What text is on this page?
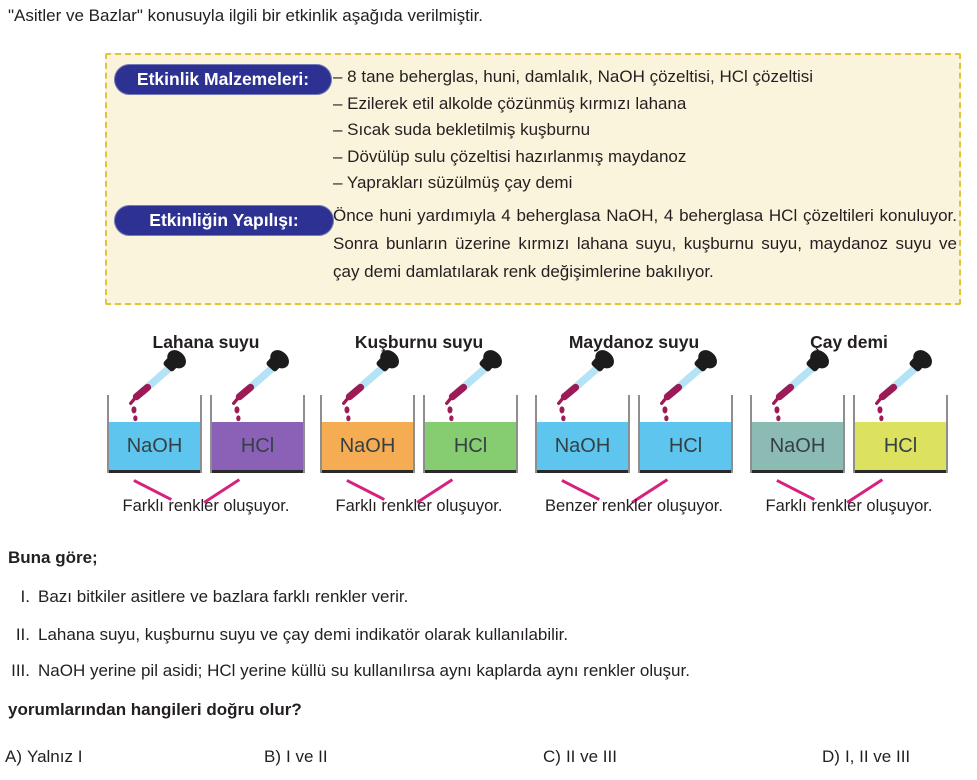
"Asitler ve Bazlar" konusuyla ilgili bir etkinlik aşağıda verilmiştir.

Etkinlik Malzemeleri:	– 8 tane beherglas, huni, damlalık, NaOH çözeltisi, HCl çözeltisi
– Ezilerek etil alkolde çözünmüş kırmızı lahana
– Sıcak suda bekletilmiş kuşburnu
– Dövülüp sulu çözeltisi hazırlanmış maydanoz
– Yaprakları süzülmüş çay demi
Etkinliğin Yapılışı:	Önce huni yardımıyla 4 beherglasa NaOH, 4 beherglasa HCl çözeltileri konuluyor. Sonra bunların üzerine kırmızı lahana suyu, kuşburnu suyu, maydanoz suyu ve çay demi damlatılarak renk değişimlerine bakılıyor.
Lahana suyu
NaOH	HCl
Farklı renkler oluşuyor.
Kuşburnu suyu
NaOH	HCl
Farklı renkler oluşuyor.
Maydanoz suyu
NaOH	HCl
Benzer renkler oluşuyor.
Çay demi
NaOH	HCl
Farklı renkler oluşuyor.
Buna göre;
I. Bazı bitkiler asitlere ve bazlara farklı renkler verir.
II. Lahana suyu, kuşburnu suyu ve çay demi indikatör olarak kullanılabilir.
III. NaOH yerine pil asidi; HCl yerine küllü su kullanılırsa aynı kaplarda aynı renkler oluşur.
yorumlarından hangileri doğru olur?
A) Yalnız I	B) I ve II	C) II ve III	D) I, II ve III
